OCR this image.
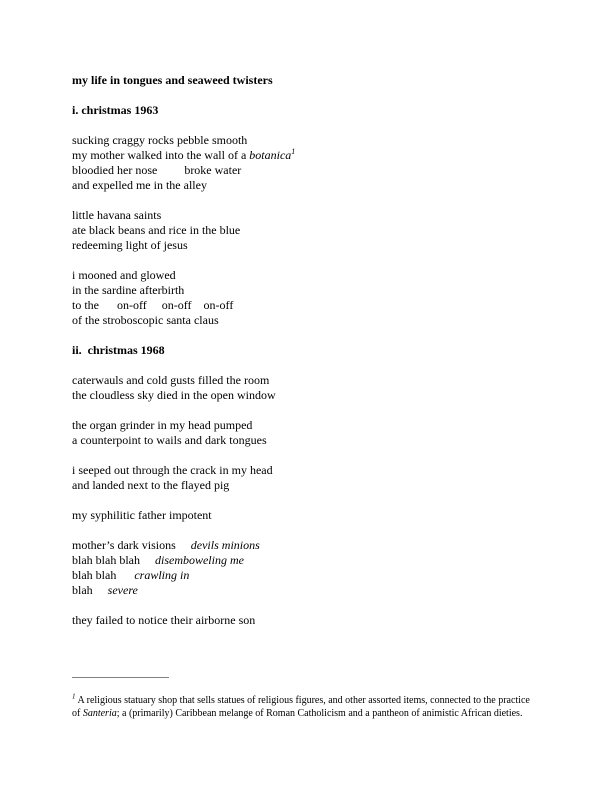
my life in tongues and seaweed twisters
i. christmas 1963
sucking craggy rocks pebble smooth
my mother walked into the wall of a botanica$^1$
bloodied her nose         broke water
and expelled me in the alley
little havana saints
ate black beans and rice in the blue
redeeming light of jesus
i mooned and glowed
in the sardine afterbirth
to the      on-off     on-off    on-off
of the stroboscopic santa claus
ii.  christmas 1968
caterwauls and cold gusts filled the room
the cloudless sky died in the open window
the organ grinder in my head pumped
a counterpoint to wails and dark tongues
i seeped out through the crack in my head
and landed next to the flayed pig
my syphilitic father impotent
mother’s dark visions     devils minions
blah blah blah     disemboweling me
blah blah      crawling in
blah     severe
they failed to notice their airborne son
$^1$ A religious statuary shop that sells statues of religious figures, and other assorted items, connected to the practice
of Santeria; a (primarily) Caribbean melange of Roman Catholicism and a pantheon of animistic African dieties.
